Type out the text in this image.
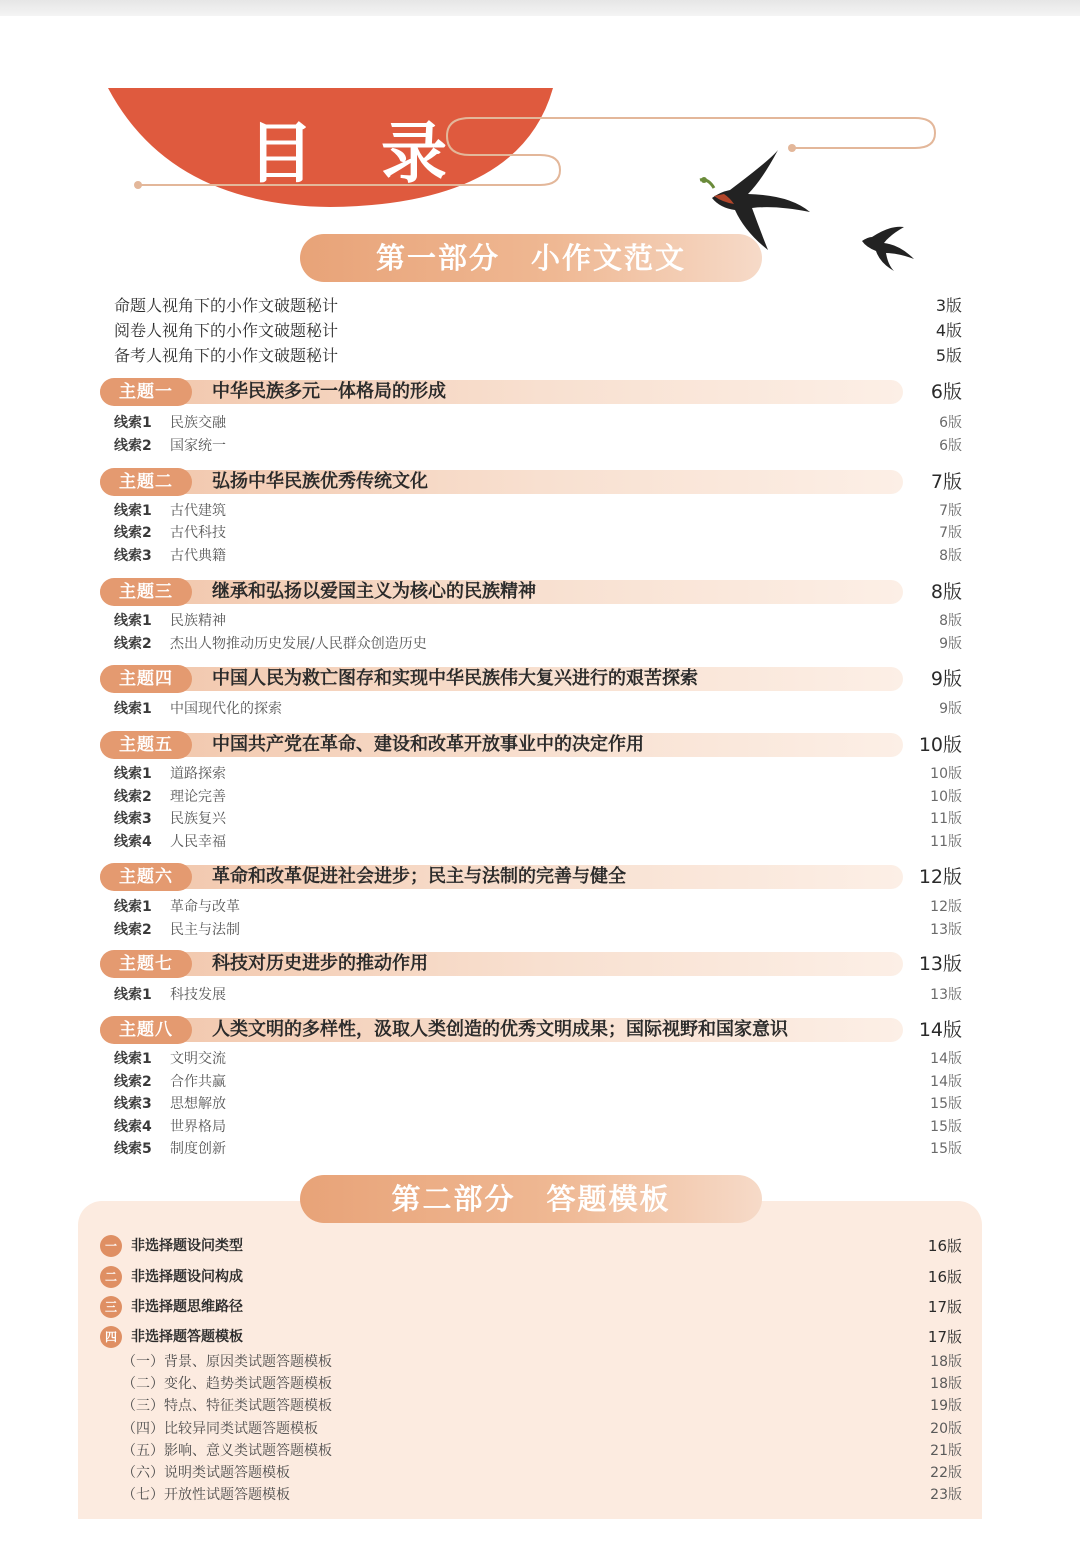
目 录
第一部分　小作文范文
命题人视角下的小作文破题秘计	3版
阅卷人视角下的小作文破题秘计	4版
备考人视角下的小作文破题秘计	5版
主题一	中华民族多元一体格局的形成	6版
线索1 民族交融	6版
线索2 国家统一	6版
主题二	弘扬中华民族优秀传统文化	7版
线索1 古代建筑	7版
线索2 古代科技	7版
线索3 古代典籍	8版
主题三	继承和弘扬以爱国主义为核心的民族精神	8版
线索1 民族精神	8版
线索2 杰出人物推动历史发展/人民群众创造历史	9版
主题四	中国人民为救亡图存和实现中华民族伟大复兴进行的艰苦探索	9版
线索1 中国现代化的探索	9版
主题五	中国共产党在革命、建设和改革开放事业中的决定作用	10版
线索1 道路探索	10版
线索2 理论完善	10版
线索3 民族复兴	11版
线索4 人民幸福	11版
主题六	革命和改革促进社会进步；民主与法制的完善与健全	12版
线索1 革命与改革	12版
线索2 民主与法制	13版
主题七	科技对历史进步的推动作用	13版
线索1 科技发展	13版
主题八	人类文明的多样性，汲取人类创造的优秀文明成果；国际视野和国家意识	14版
线索1 文明交流	14版
线索2 合作共赢	14版
线索3 思想解放	15版
线索4 世界格局	15版
线索5 制度创新	15版
第二部分　答题模板
一	非选择题设问类型	16版
二	非选择题设问构成	16版
三	非选择题思维路径	17版
四	非选择题答题模板	17版
（一）背景、原因类试题答题模板	18版
（二）变化、趋势类试题答题模板	18版
（三）特点、特征类试题答题模板	19版
（四）比较异同类试题答题模板	20版
（五）影响、意义类试题答题模板	21版
（六）说明类试题答题模板	22版
（七）开放性试题答题模板	23版
